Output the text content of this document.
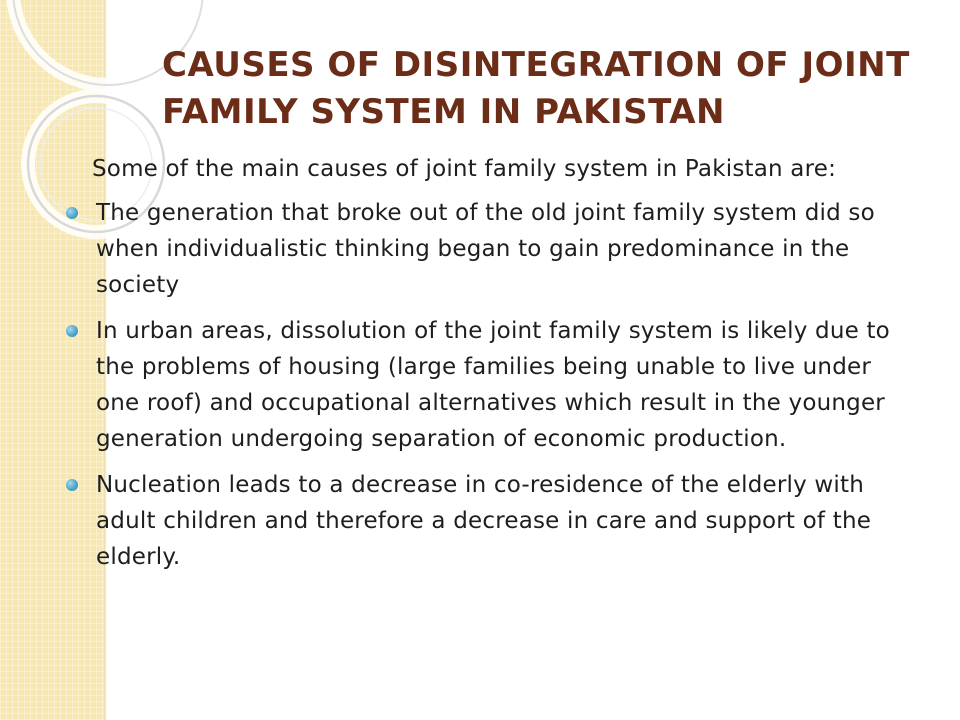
CAUSES OF DISINTEGRATION OF JOINT FAMILY SYSTEM IN PAKISTAN

Some of the main causes of joint family system in Pakistan are:

The generation that broke out of the old joint family system did so when individualistic thinking began to gain predominance in the society
In urban areas, dissolution of the joint family system is likely due to the problems of housing (large families being unable to live under one roof) and occupational alternatives which result in the younger generation undergoing separation of economic production.
Nucleation leads to a decrease in co-residence of the elderly with adult children and therefore a decrease in care and support of the elderly.
